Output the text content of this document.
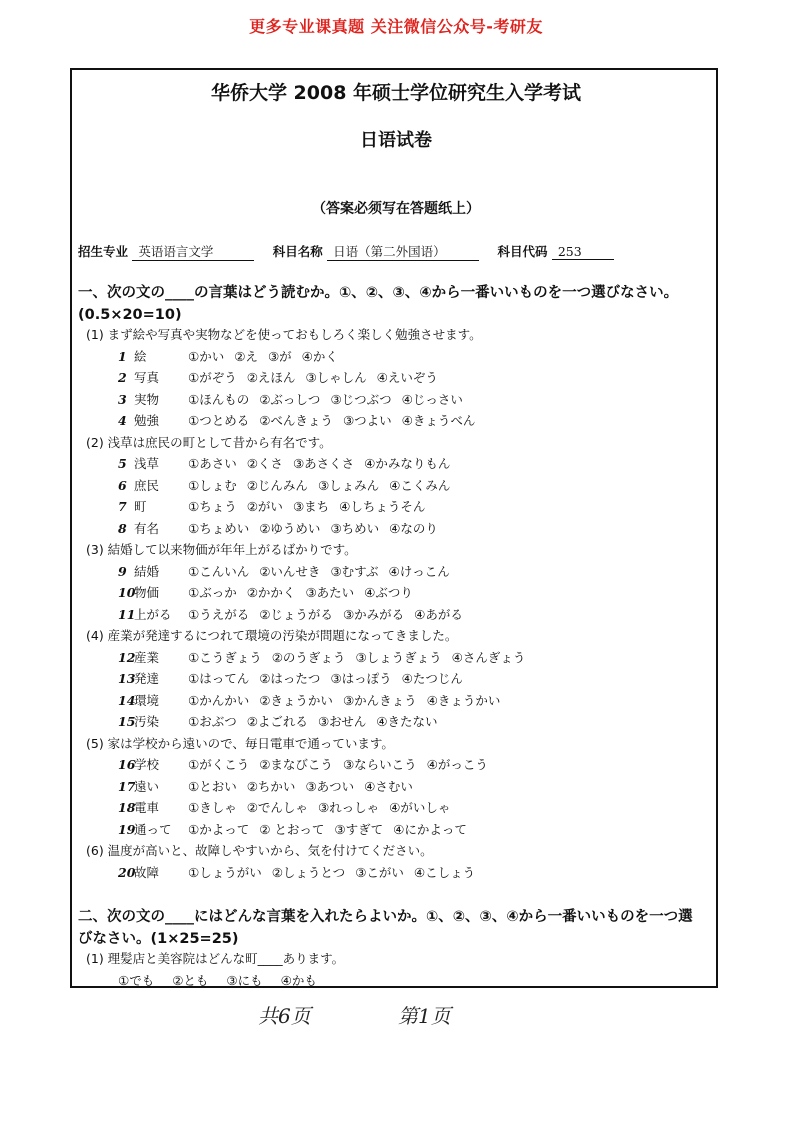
更多专业课真题 关注微信公众号-考研友
华侨大学 2008 年硕士学位研究生入学考试
日语试卷
（答案必须写在答题纸上）
招生专业 英语语言文学	科目名称 日语（第二外国语）	科目代码 253
一、次の文の____の言葉はどう読むか。①、②、③、④から一番いいものを一つ選びなさい。(0.5×20=10)
(1) まず絵や写真や実物などを使っておもしろく楽しく勉強させます。
1 絵	①かい ②え ③が ④かく
2 写真 ①がぞう ②えほん ③しゃしん ④えいぞう
3 実物 ①ほんもの ②ぶっしつ ③じつぶつ ④じっさい
4 勉強 ①つとめる ②べんきょう ③つよい ④きょうべん
(2) 浅草は庶民の町として昔から有名です。
5 浅草 ①あさい ②くさ ③あさくさ ④かみなりもん
6 庶民 ①しょむ ②じんみん ③しょみん ④こくみん
7 町	①ちょう ②がい ③まち ④しちょうそん
8 有名 ①ちょめい ②ゆうめい ③ちめい ④なのり
(3) 結婚して以来物価が年年上がるばかりです。
9 結婚 ①こんいん ②いんせき ③むすぶ ④けっこん
10物価 ①ぶっか ②かかく ③あたい ④ぶつり
11上がる ①うえがる ②じょうがる ③かみがる ④あがる
(4) 産業が発達するにつれて環境の汚染が問題になってきました。
12産業 ①こうぎょう ②のうぎょう ③しょうぎょう ④さんぎょう
13発達 ①はってん ②はったつ ③はっぽう ④たつじん
14環境 ①かんかい ②きょうかい ③かんきょう ④きょうかい
15汚染 ①おぶつ ②よごれる ③おせん ④きたない
(5) 家は学校から遠いので、毎日電車で通っています。
16学校 ①がくこう ②まなびこう ③ならいこう ④がっこう
17遠い ①とおい ②ちかい ③あつい ④さむい
18電車 ①きしゃ ②でんしゃ ③れっしゃ ④がいしゃ
19通って ①かよって ② とおって ③すぎて ④にかよって
(6) 温度が高いと、故障しやすいから、気を付けてください。
20故障 ①しょうがい ②しょうとつ ③こがい ④こしょう
二、次の文の____にはどんな言葉を入れたらよいか。①、②、③、④から一番いいものを一つ選びなさい。(1×25=25)
(1) 理髪店と美容院はどんな町____あります。
①でも ②とも ③にも ④かも
共6页	第1页
